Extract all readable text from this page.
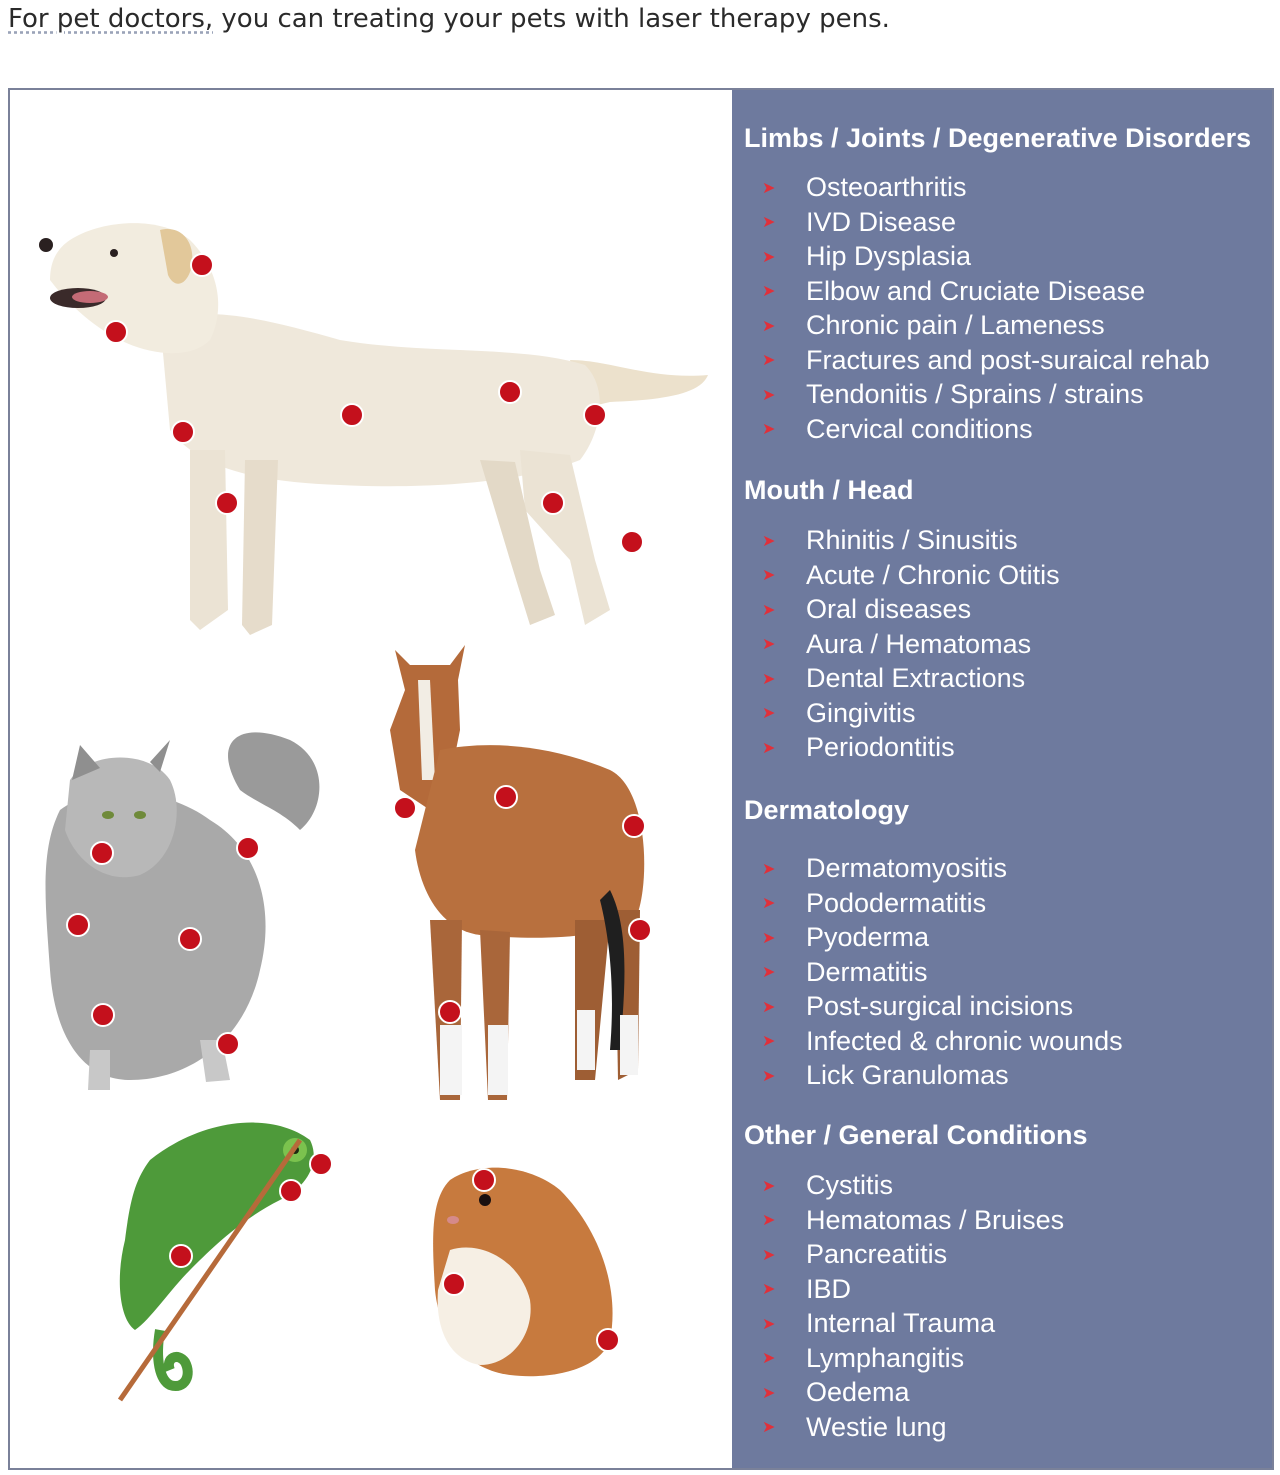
For pet doctors, you can treating your pets with laser therapy pens.
Limbs / Joints / Degenerative Disorders
➤ Osteoarthritis
➤ IVD Disease
➤ Hip Dysplasia
➤ Elbow and Cruciate Disease
➤ Chronic pain / Lameness
➤ Fractures and post-suraical rehab
➤ Tendonitis / Sprains / strains
➤ Cervical conditions
Mouth / Head
➤ Rhinitis / Sinusitis
➤ Acute / Chronic Otitis
➤ Oral diseases
➤ Aura / Hematomas
➤ Dental Extractions
➤ Gingivitis
➤ Periodontitis
Dermatology
➤ Dermatomyositis
➤ Pododermatitis
➤ Pyoderma
➤ Dermatitis
➤ Post-surgical incisions
➤ Infected & chronic wounds
➤ Lick Granulomas
Other / General Conditions
➤ Cystitis
➤ Hematomas / Bruises
➤ Pancreatitis
➤ IBD
➤ Internal Trauma
➤ Lymphangitis
➤ Oedema
➤ Westie lung
